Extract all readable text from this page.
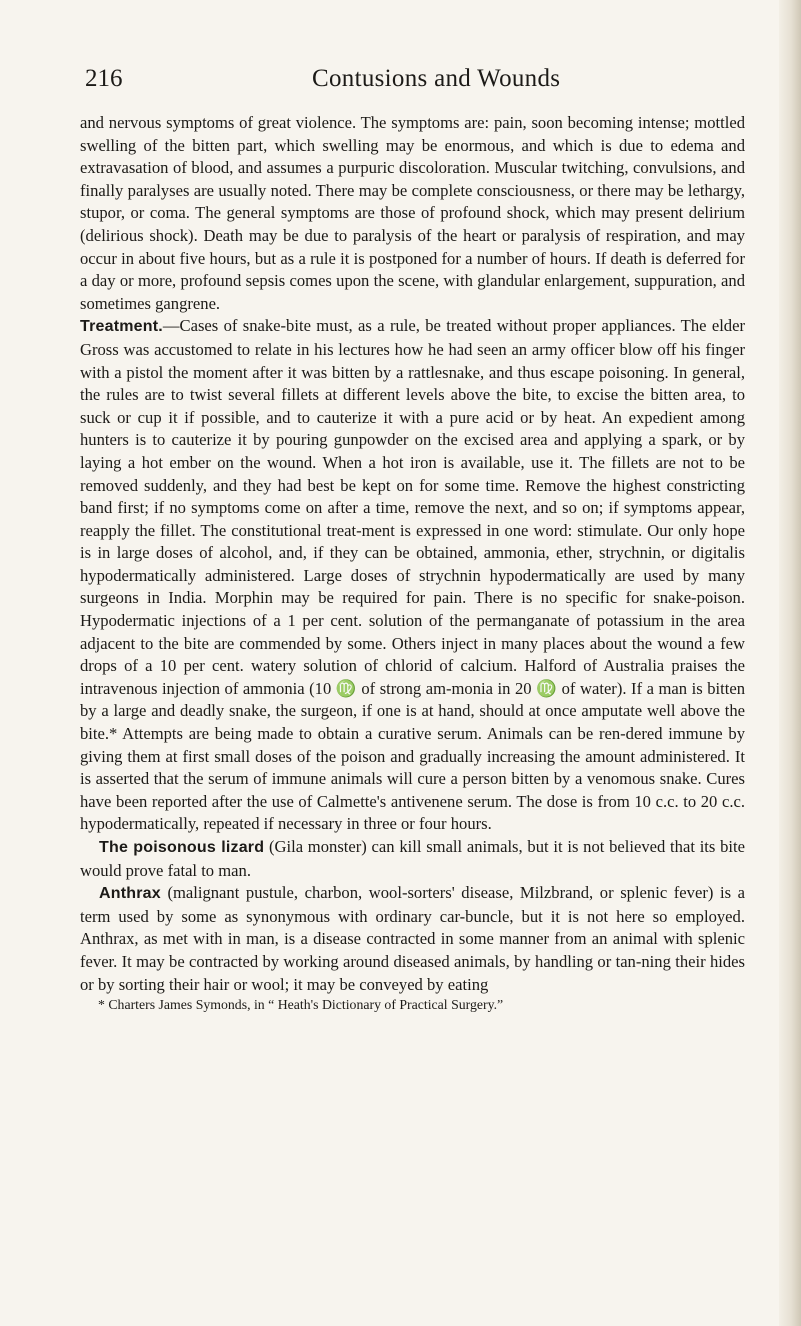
216	Contusions and Wounds

and nervous symptoms of great violence. The symptoms are: pain, soon becoming intense; mottled swelling of the bitten part, which swelling may be enormous, and which is due to edema and extravasation of blood, and assumes a purpuric discoloration. Muscular twitching, convulsions, and finally paralyses are usually noted. There may be complete consciousness, or there may be lethargy, stupor, or coma. The general symptoms are those of profound shock, which may present delirium (delirious shock). Death may be due to paralysis of the heart or paralysis of respiration, and may occur in about five hours, but as a rule it is postponed for a number of hours. If death is deferred for a day or more, profound sepsis comes upon the scene, with glandular enlargement, suppuration, and sometimes gangrene.

Treatment.—Cases of snake-bite must, as a rule, be treated without proper appliances. The elder Gross was accustomed to relate in his lectures how he had seen an army officer blow off his finger with a pistol the moment after it was bitten by a rattlesnake, and thus escape poisoning. In general, the rules are to twist several fillets at different levels above the bite, to excise the bitten area, to suck or cup it if possible, and to cauterize it with a pure acid or by heat. An expedient among hunters is to cauterize it by pouring gunpowder on the excised area and applying a spark, or by laying a hot ember on the wound. When a hot iron is available, use it. The fillets are not to be removed suddenly, and they had best be kept on for some time. Remove the highest constricting band first; if no symptoms come on after a time, remove the next, and so on; if symptoms appear, reapply the fillet. The constitutional treat-ment is expressed in one word: stimulate. Our only hope is in large doses of alcohol, and, if they can be obtained, ammonia, ether, strychnin, or digitalis hypodermatically administered. Large doses of strychnin hypodermatically are used by many surgeons in India. Morphin may be required for pain. There is no specific for snake-poison. Hypodermatic injections of a 1 per cent. solution of the permanganate of potassium in the area adjacent to the bite are commended by some. Others inject in many places about the wound a few drops of a 10 per cent. watery solution of chlorid of calcium. Halford of Australia praises the intravenous injection of ammonia (10 ♍ of strong am-monia in 20 ♍ of water). If a man is bitten by a large and deadly snake, the surgeon, if one is at hand, should at once amputate well above the bite.* Attempts are being made to obtain a curative serum. Animals can be ren-dered immune by giving them at first small doses of the poison and gradually increasing the amount administered. It is asserted that the serum of immune animals will cure a person bitten by a venomous snake. Cures have been reported after the use of Calmette's antivenene serum. The dose is from 10 c.c. to 20 c.c. hypodermatically, repeated if necessary in three or four hours.

The poisonous lizard (Gila monster) can kill small animals, but it is not believed that its bite would prove fatal to man.

Anthrax (malignant pustule, charbon, wool-sorters' disease, Milzbrand, or splenic fever) is a term used by some as synonymous with ordinary car-buncle, but it is not here so employed. Anthrax, as met with in man, is a disease contracted in some manner from an animal with splenic fever. It may be contracted by working around diseased animals, by handling or tan-ning their hides or by sorting their hair or wool; it may be conveyed by eating

* Charters James Symonds, in “ Heath's Dictionary of Practical Surgery.”
